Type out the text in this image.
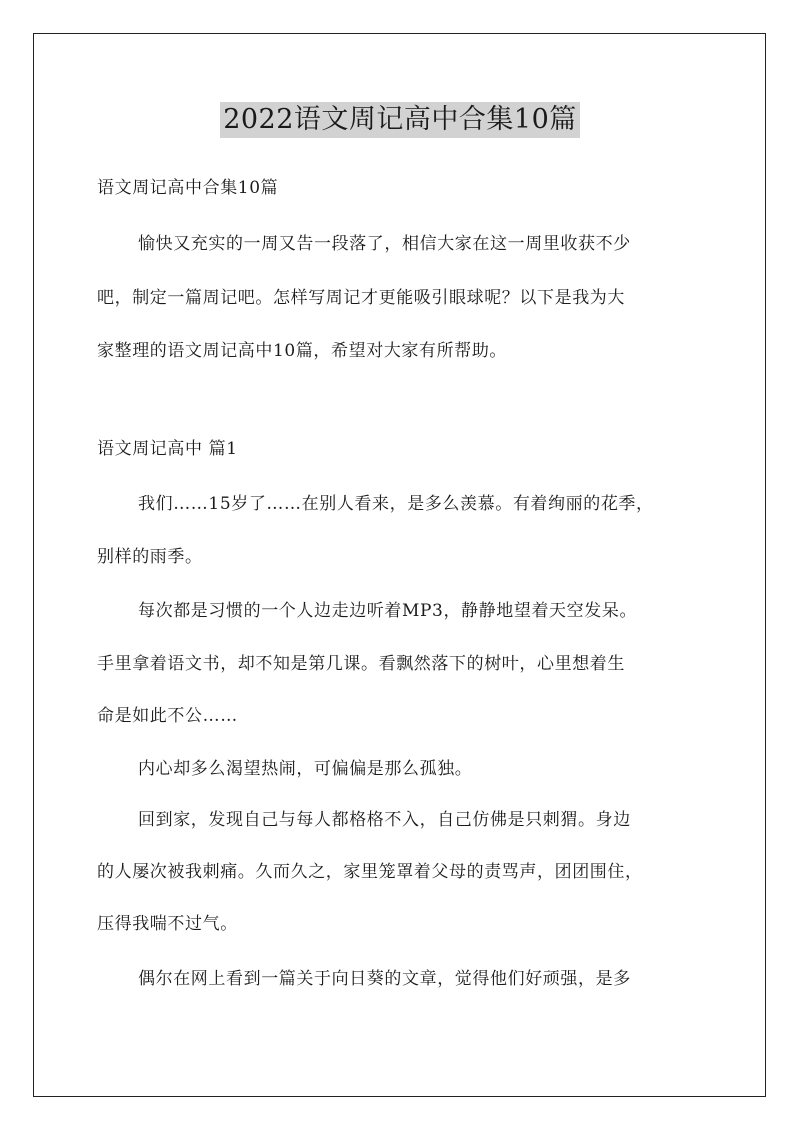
2022语文周记高中合集10篇
语文周记高中合集10篇
愉快又充实的一周又告一段落了，相信大家在这一周里收获不少
吧，制定一篇周记吧。怎样写周记才更能吸引眼球呢？以下是我为大
家整理的语文周记高中10篇，希望对大家有所帮助。
语文周记高中 篇1
我们……15岁了……在别人看来，是多么羡慕。有着绚丽的花季，
别样的雨季。
每次都是习惯的一个人边走边听着MP3，静静地望着天空发呆。
手里拿着语文书，却不知是第几课。看飘然落下的树叶，心里想着生
命是如此不公……
内心却多么渴望热闹，可偏偏是那么孤独。
回到家，发现自己与每人都格格不入，自己仿佛是只刺猬。身边
的人屡次被我刺痛。久而久之，家里笼罩着父母的责骂声，团团围住，
压得我喘不过气。
偶尔在网上看到一篇关于向日葵的文章，觉得他们好顽强，是多
